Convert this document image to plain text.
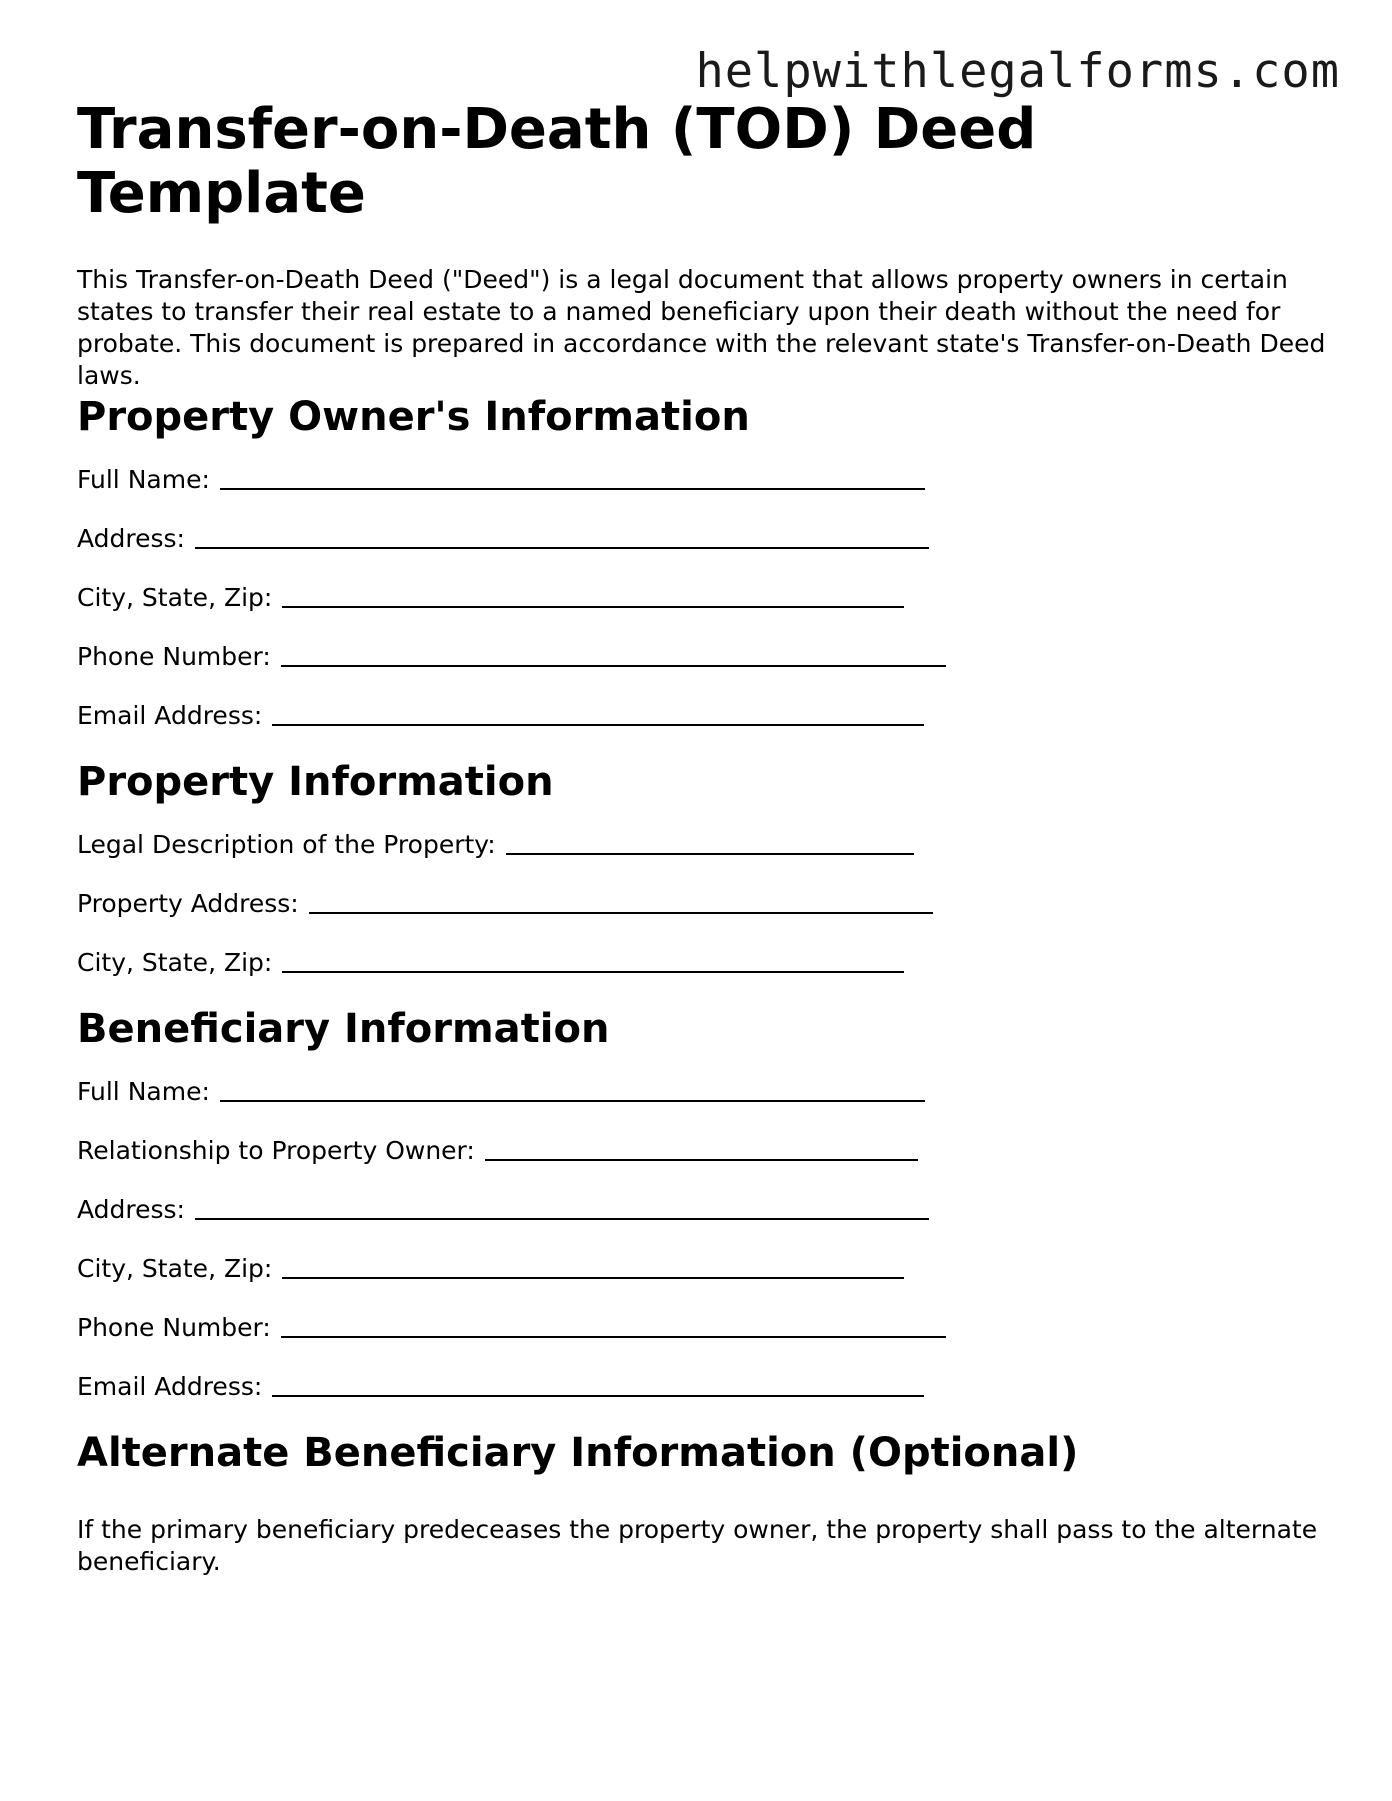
helpwithlegalforms.com
Transfer-on-Death (TOD) Deed Template

This Transfer-on-Death Deed ("Deed") is a legal document that allows property owners in certain states to transfer their real estate to a named beneficiary upon their death without the need for probate. This document is prepared in accordance with the relevant state's Transfer-on-Death Deed laws.

Property Owner's Information
Full Name:
Address:
City, State, Zip:
Phone Number:
Email Address:
Property Information
Legal Description of the Property:
Property Address:
City, State, Zip:
Beneficiary Information
Full Name:
Relationship to Property Owner:
Address:
City, State, Zip:
Phone Number:
Email Address:
Alternate Beneficiary Information (Optional)

If the primary beneficiary predeceases the property owner, the property shall pass to the alternate beneficiary.
